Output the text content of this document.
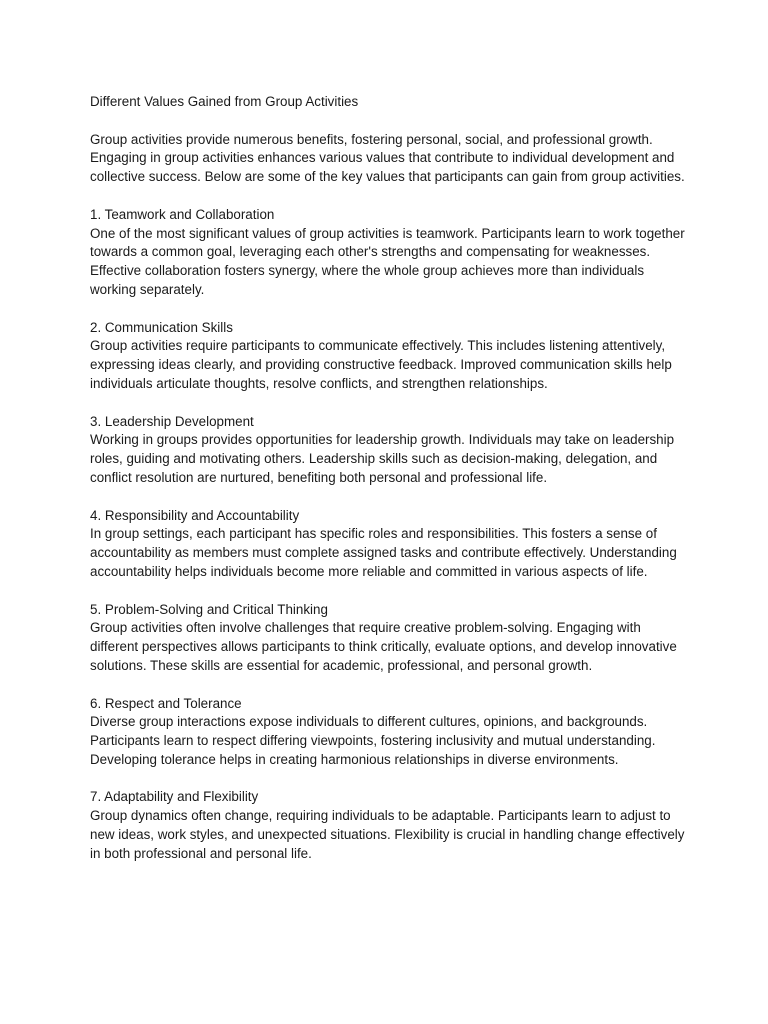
Different Values Gained from Group Activities

Group activities provide numerous benefits, fostering personal, social, and professional growth. Engaging in group activities enhances various values that contribute to individual development and collective success. Below are some of the key values that participants can gain from group activities.

1. Teamwork and Collaboration

One of the most significant values of group activities is teamwork. Participants learn to work together towards a common goal, leveraging each other's strengths and compensating for weaknesses. Effective collaboration fosters synergy, where the whole group achieves more than individuals working separately.

2. Communication Skills

Group activities require participants to communicate effectively. This includes listening attentively, expressing ideas clearly, and providing constructive feedback. Improved communication skills help individuals articulate thoughts, resolve conflicts, and strengthen relationships.

3. Leadership Development

Working in groups provides opportunities for leadership growth. Individuals may take on leadership roles, guiding and motivating others. Leadership skills such as decision-making, delegation, and conflict resolution are nurtured, benefiting both personal and professional life.

4. Responsibility and Accountability

In group settings, each participant has specific roles and responsibilities. This fosters a sense of accountability as members must complete assigned tasks and contribute effectively. Understanding accountability helps individuals become more reliable and committed in various aspects of life.

5. Problem-Solving and Critical Thinking

Group activities often involve challenges that require creative problem-solving. Engaging with different perspectives allows participants to think critically, evaluate options, and develop innovative solutions. These skills are essential for academic, professional, and personal growth.

6. Respect and Tolerance

Diverse group interactions expose individuals to different cultures, opinions, and backgrounds. Participants learn to respect differing viewpoints, fostering inclusivity and mutual understanding. Developing tolerance helps in creating harmonious relationships in diverse environments.

7. Adaptability and Flexibility

Group dynamics often change, requiring individuals to be adaptable. Participants learn to adjust to new ideas, work styles, and unexpected situations. Flexibility is crucial in handling change effectively in both professional and personal life.
